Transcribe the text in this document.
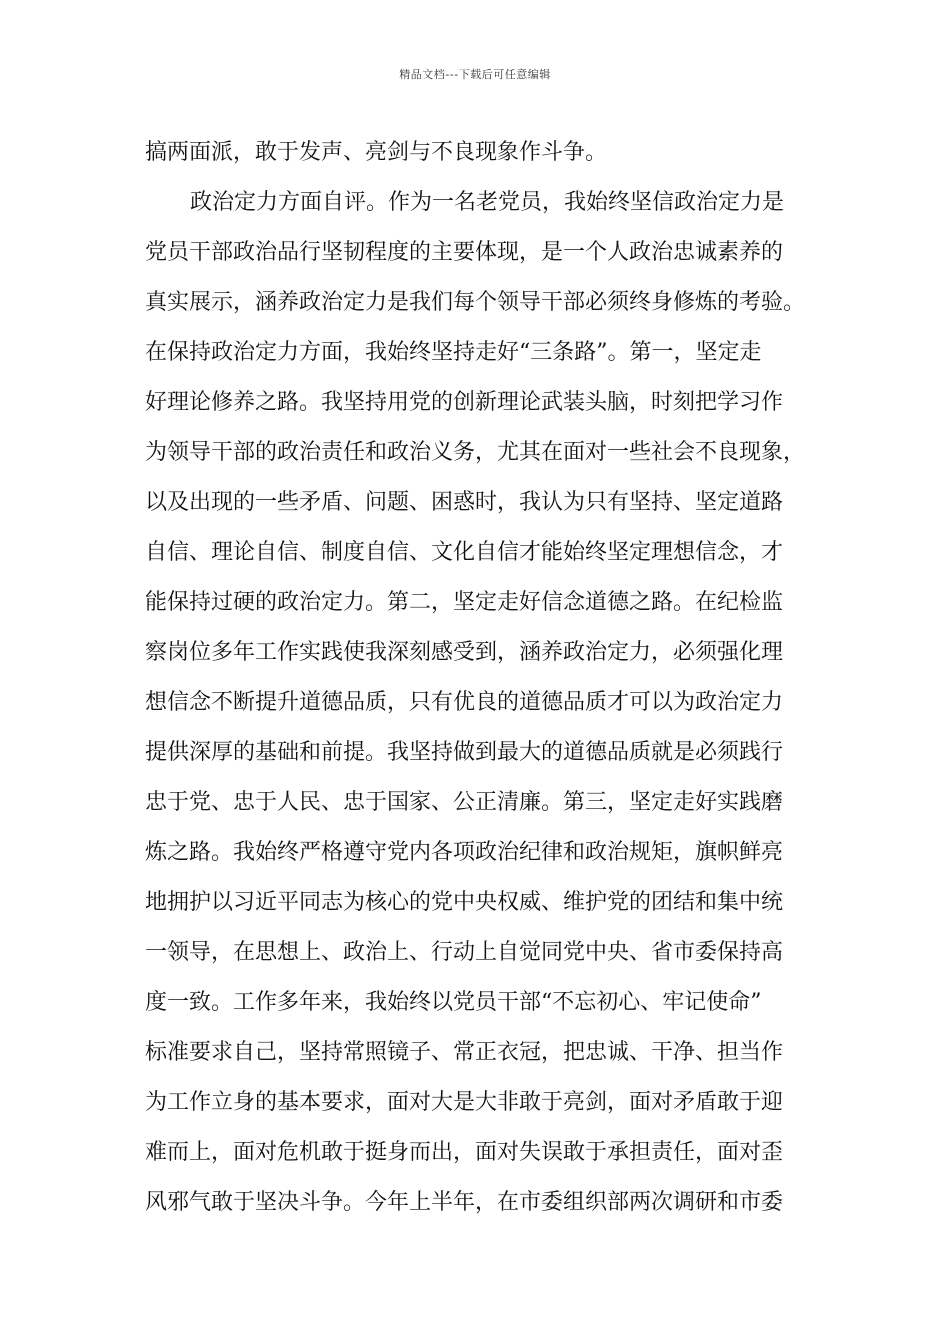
精品文档---下载后可任意编辑
搞两面派，敢于发声、亮剑与不良现象作斗争。
政治定力方面自评。作为一名老党员，我始终坚信政治定力是
党员干部政治品行坚韧程度的主要体现，是一个人政治忠诚素养的
真实展示，涵养政治定力是我们每个领导干部必须终身修炼的考验。
在保持政治定力方面，我始终坚持走好“三条路”。第一，坚定走
好理论修养之路。我坚持用党的创新理论武装头脑，时刻把学习作
为领导干部的政治责任和政治义务，尤其在面对一些社会不良现象，
以及出现的一些矛盾、问题、困惑时，我认为只有坚持、坚定道路
自信、理论自信、制度自信、文化自信才能始终坚定理想信念，才
能保持过硬的政治定力。第二，坚定走好信念道德之路。在纪检监
察岗位多年工作实践使我深刻感受到，涵养政治定力，必须强化理
想信念不断提升道德品质，只有优良的道德品质才可以为政治定力
提供深厚的基础和前提。我坚持做到最大的道德品质就是必须践行
忠于党、忠于人民、忠于国家、公正清廉。第三，坚定走好实践磨
炼之路。我始终严格遵守党内各项政治纪律和政治规矩，旗帜鲜亮
地拥护以习近平同志为核心的党中央权威、维护党的团结和集中统
一领导，在思想上、政治上、行动上自觉同党中央、省市委保持高
度一致。工作多年来，我始终以党员干部“不忘初心、牢记使命”
标准要求自己，坚持常照镜子、常正衣冠，把忠诚、干净、担当作
为工作立身的基本要求，面对大是大非敢于亮剑，面对矛盾敢于迎
难而上，面对危机敢于挺身而出，面对失误敢于承担责任，面对歪
风邪气敢于坚决斗争。今年上半年，在市委组织部两次调研和市委
